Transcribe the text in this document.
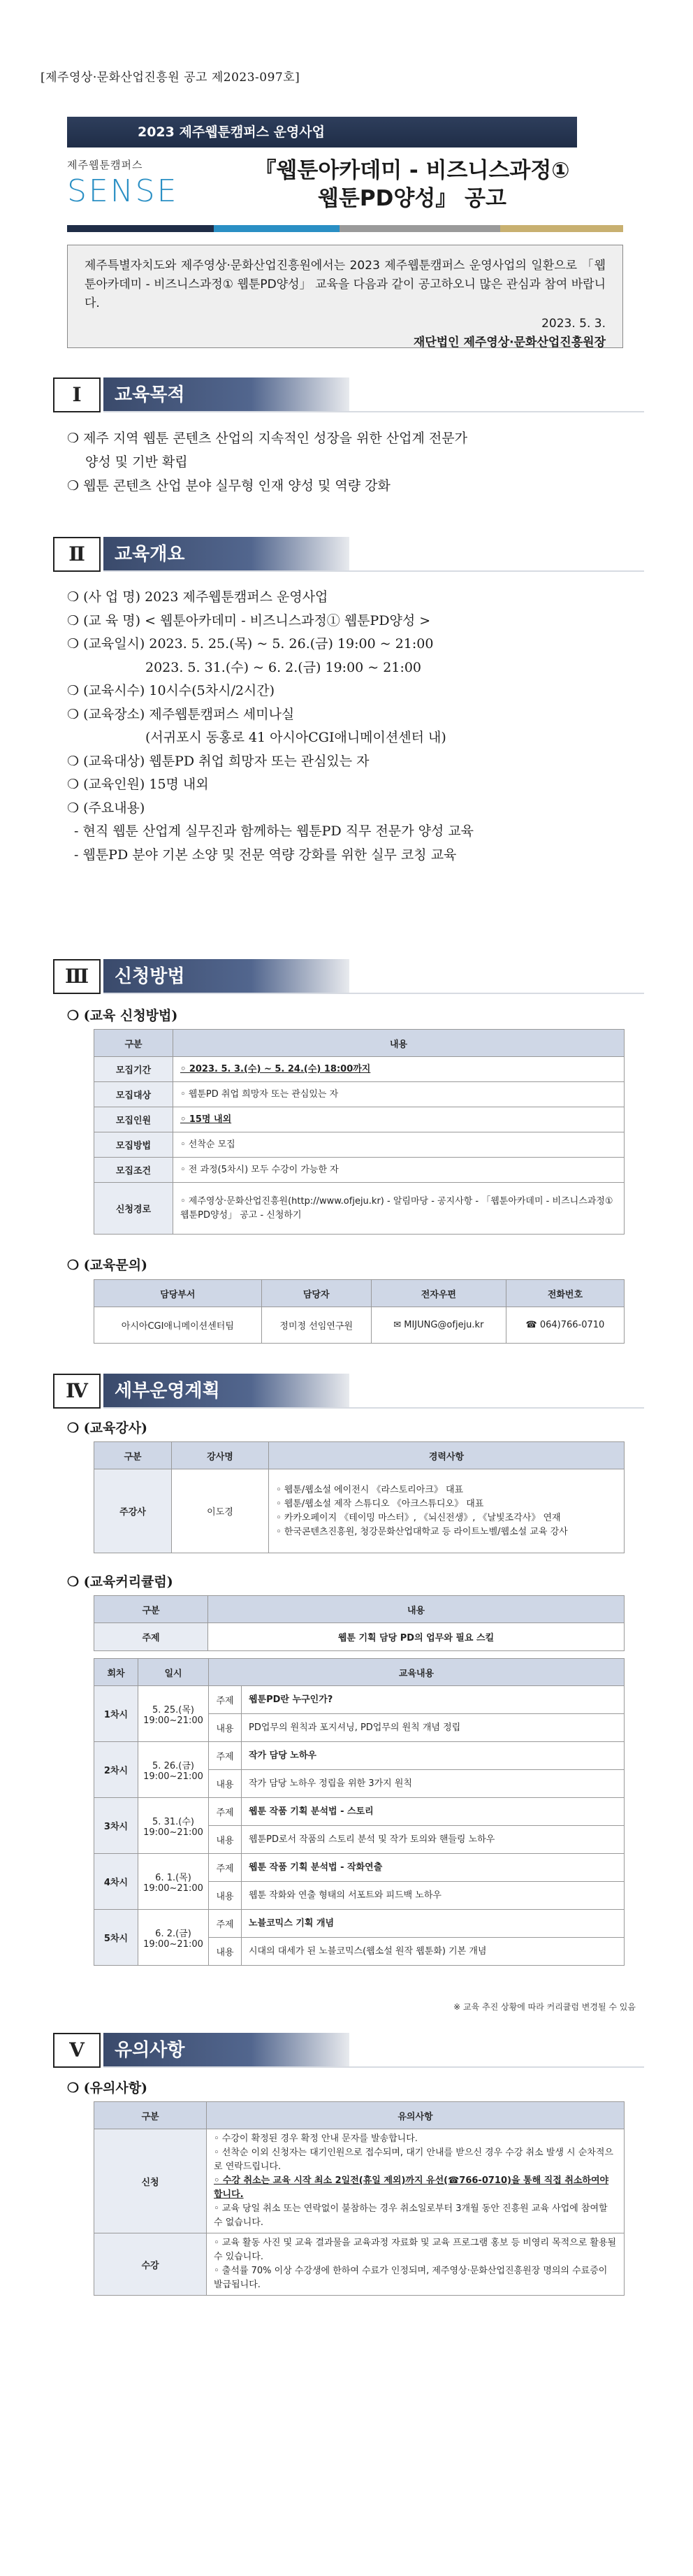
[제주영상·문화산업진흥원 공고 제2023-097호]
2023 제주웹툰캠퍼스 운영사업
제주웹툰캠퍼스
SENSE
『웹툰아카데미 - 비즈니스과정①
웹툰PD양성』 공고
제주특별자치도와 제주영상·문화산업진흥원에서는 2023 제주웹툰캠퍼스 운영사업의 일환으로 「웹툰아카데미 - 비즈니스과정① 웹툰PD양성」 교육을 다음과 같이 공고하오니 많은 관심과 참여 바랍니다.
2023. 5. 3.
재단법인 제주영상·문화산업진흥원장
Ⅰ	교육목적
❍ 제주 지역 웹툰 콘텐츠 산업의 지속적인 성장을 위한 산업계 전문가
양성 및 기반 확립
❍ 웹툰 콘텐츠 산업 분야 실무형 인재 양성 및 역량 강화
Ⅱ	교육개요
❍ (사 업 명) 2023 제주웹툰캠퍼스 운영사업
❍ (교 육 명) < 웹툰아카데미 - 비즈니스과정① 웹툰PD양성 >
❍ (교육일시) 2023. 5. 25.(목) ~ 5. 26.(금) 19:00 ~ 21:00
2023. 5. 31.(수) ~ 6. 2.(금) 19:00 ~ 21:00
❍ (교육시수) 10시수(5차시/2시간)
❍ (교육장소) 제주웹툰캠퍼스 세미나실
(서귀포시 동홍로 41 아시아CGI애니메이션센터 내)
❍ (교육대상) 웹툰PD 취업 희망자 또는 관심있는 자
❍ (교육인원) 15명 내외
❍ (주요내용)
- 현직 웹툰 산업계 실무진과 함께하는 웹툰PD 직무 전문가 양성 교육
- 웹툰PD 분야 기본 소양 및 전문 역량 강화를 위한 실무 코칭 교육
Ⅲ	신청방법
❍ (교육 신청방법)
구분	내용
모집기간	◦ 2023. 5. 3.(수) ~ 5. 24.(수) 18:00까지
모집대상	◦ 웹툰PD 취업 희망자 또는 관심있는 자
모집인원	◦ 15명 내외
모집방법	◦ 선착순 모집
모집조건	◦ 전 과정(5차시) 모두 수강이 가능한 자
신청경로	◦ 제주영상·문화산업진흥원(http://www.ofjeju.kr) - 알림마당 - 공지사항 - 「웹툰아카데미 - 비즈니스과정① 웹툰PD양성」 공고 - 신청하기
❍ (교육문의)
담당부서	담당자	전자우편	전화번호
아시아CGI애니메이션센터팀	정미정 선임연구원	✉ MIJUNG@ofjeju.kr	☎ 064)766-0710
Ⅳ	세부운영계획
❍ (교육강사)
구분	강사명	경력사항
주강사	이도경	◦ 웹툰/웹소설 에이전시 《라스토리아크》 대표
◦ 웹툰/웹소설 제작 스튜디오 《아크스튜디오》 대표
◦ 카카오페이지 《테이밍 마스터》, 《뇌신전생》, 《날빛조각사》 연재
◦ 한국콘텐츠진흥원, 청강문화산업대학교 등 라이트노벨/웹소설 교육 강사
❍ (교육커리큘럼)
구분	내용
주제	웹툰 기획 담당 PD의 업무와 필요 스킬
회차	일시	교육내용	
1차시	5. 25.(목)
19:00~21:00	주제	웹툰PD란 누구인가?
		내용	PD업무의 원칙과 포지셔닝, PD업무의 원칙 개념 정립
2차시	5. 26.(금)
19:00~21:00	주제	작가 담당 노하우
		내용	작가 담당 노하우 정립을 위한 3가지 원칙
3차시	5. 31.(수)
19:00~21:00	주제	웹툰 작품 기획 분석법 - 스토리
		내용	웹툰PD로서 작품의 스토리 분석 및 작가 토의와 핸들링 노하우
4차시	6. 1.(목)
19:00~21:00	주제	웹툰 작품 기획 분석법 - 작화연출
		내용	웹툰 작화와 연출 형태의 서포트와 피드백 노하우
5차시	6. 2.(금)
19:00~21:00	주제	노블코믹스 기획 개념
		내용	시대의 대세가 된 노블코믹스(웹소설 원작 웹툰화) 기본 개념
※ 교육 추진 상황에 따라 커리큘럼 변경될 수 있음
Ⅴ	유의사항
❍ (유의사항)
구분	유의사항
신청	◦ 수강이 확정된 경우 확정 안내 문자를 발송합니다.
◦ 선착순 이외 신청자는 대기인원으로 접수되며, 대기 안내를 받으신 경우 수강 취소 발생 시 순차적으로 연락드립니다.
◦ 수강 취소는 교육 시작 최소 2일전(휴일 제외)까지 유선(☎766-0710)을 통해 직접 취소하여야 합니다.
◦ 교육 당일 취소 또는 연락없이 불참하는 경우 취소일로부터 3개월 동안 진흥원 교육 사업에 참여할 수 없습니다.

수강	◦ 교육 활동 사진 및 교육 결과물을 교육과정 자료화 및 교육 프로그램 홍보 등 비영리 목적으로 활용될 수 있습니다.
◦ 출석률 70% 이상 수강생에 한하여 수료가 인정되며, 제주영상·문화산업진흥원장 명의의 수료증이 발급됩니다.
